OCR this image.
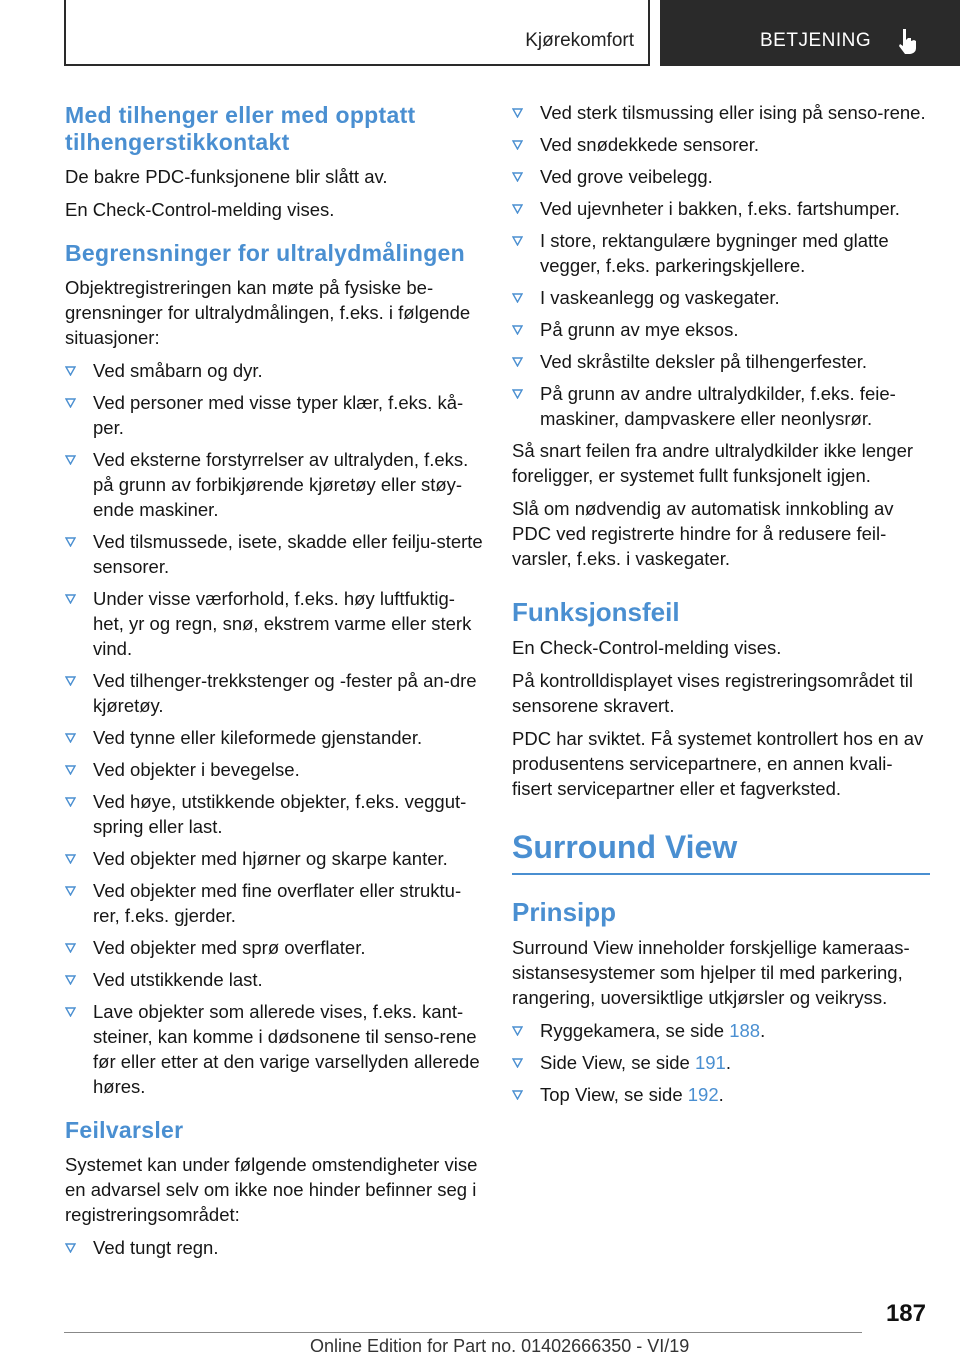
Kjørekomfort	BETJENING
Med tilhenger eller med opptatt tilhengerstikkontakt

De bakre PDC-funksjonene blir slått av.

En Check-Control-melding vises.

Begrensninger for ultralydmålingen

Objektregistreringen kan møte på fysiske be-grensninger for ultralydmålingen, f.eks. i følgende situasjoner:

Ved småbarn og dyr.
Ved personer med visse typer klær, f.eks. kå-per.
Ved eksterne forstyrrelser av ultralyden, f.eks. på grunn av forbikjørende kjøretøy eller støy-ende maskiner.
Ved tilsmussede, isete, skadde eller feilju-sterte sensorer.
Under visse værforhold, f.eks. høy luftfuktig-het, yr og regn, snø, ekstrem varme eller sterk vind.
Ved tilhenger-trekkstenger og -fester på an-dre kjøretøy.
Ved tynne eller kileformede gjenstander.
Ved objekter i bevegelse.
Ved høye, utstikkende objekter, f.eks. veggut-spring eller last.
Ved objekter med hjørner og skarpe kanter.
Ved objekter med fine overflater eller struktu-rer, f.eks. gjerder.
Ved objekter med sprø overflater.
Ved utstikkende last.
Lave objekter som allerede vises, f.eks. kant-steiner, kan komme i dødsonene til senso-rene før eller etter at den varige varsellyden allerede høres.
Feilvarsler

Systemet kan under følgende omstendigheter vise en advarsel selv om ikke noe hinder befinner seg i registreringsområdet:

Ved tungt regn.
Ved sterk tilsmussing eller ising på senso-rene.
Ved snødekkede sensorer.
Ved grove veibelegg.
Ved ujevnheter i bakken, f.eks. fartshumper.
I store, rektangulære bygninger med glatte vegger, f.eks. parkeringskjellere.
I vaskeanlegg og vaskegater.
På grunn av mye eksos.
Ved skråstilte deksler på tilhengerfester.
På grunn av andre ultralydkilder, f.eks. feie-maskiner, dampvaskere eller neonlysrør.

Så snart feilen fra andre ultralydkilder ikke lenger foreligger, er systemet fullt funksjonelt igjen.

Slå om nødvendig av automatisk innkobling av PDC ved registrerte hindre for å redusere feil-varsler, f.eks. i vaskegater.

Funksjonsfeil

En Check-Control-melding vises.

På kontrolldisplayet vises registreringsområdet til sensorene skravert.

PDC har sviktet. Få systemet kontrollert hos en av produsentens servicepartnere, en annen kvali-fisert servicepartner eller et fagverksted.

Surround View
Prinsipp

Surround View inneholder forskjellige kameraas-sistansesystemer som hjelper til med parkering, rangering, uoversiktlige utkjørsler og veikryss.

Ryggekamera, se side 188.
Side View, se side 191.
Top View, se side 192.
187
Online Edition for Part no. 01402666350 - VI/19
